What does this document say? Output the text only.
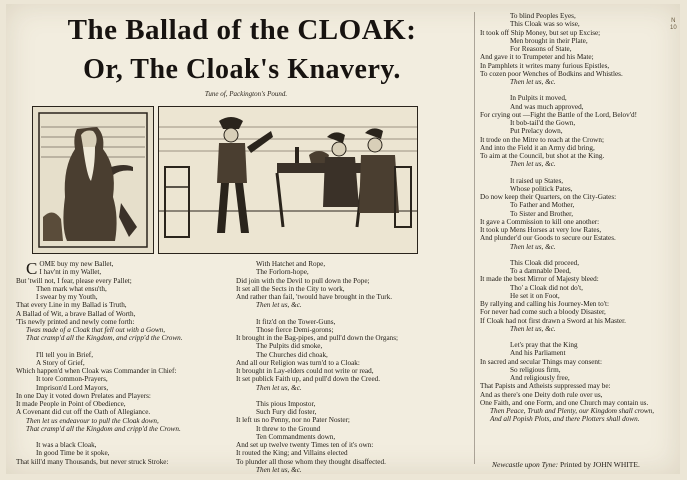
The Ballad of the CLOAK:
Or, The Cloak's Knavery.
Tune of, Packington's Pound.
COME buy my new Ballet,
I hav'nt in my Wallet,
But 'twill not, I fear, please every Pallet;
Then mark what ensu'th,
I swear by my Youth,
That every Line in my Ballad is Truth,
A Ballad of Wit, a brave Ballad of Worth,
'Tis newly printed and newly come forth:
Twas made of a Cloak that fell out with a Gown,
That cramp'd all the Kingdom, and cripp'd the Crown.
I'll tell you in Brief,
A Story of Grief,
Which happen'd when Cloak was Commander in Chief:
It tore Common-Prayers,
Imprison'd Lord Mayors,
In one Day it voted down Prelates and Players:
It made People in Point of Obedience,
A Covenant did cut off the Oath of Allegiance.
Then let us endeavour to pull the Cloak down,
That cramp'd all the Kingdom and cripp'd the Crown.
It was a black Cloak,
In good Time be it spoke,
That kill'd many Thousands, but never struck Stroke:
With Hatchet and Rope,
The Forlorn-hope,
Did join with the Devil to pull down the Pope;
It set all the Sects in the City to work,
And rather than fail, 'twould have brought in the Turk.
Then let us, &c.
It fitz'd on the Tower-Guns,
Those fierce Demi-gorons;
It brought in the Bag-pipes, and pull'd down the Organs;
The Pulpits did smoke,
The Churches did choak,
And all our Religion was turn'd to a Cloak:
It brought in Lay-elders could not write or read,
It set publick Faith up, and pull'd down the Creed.
Then let us, &c.
This pious Impostor,
Such Fury did foster,
It left us no Penny, nor no Pater Noster;
It threw to the Ground
Ten Commandments down,
And set up twelve twenty Times ten of it's own:
It routed the King; and Villains elected
To plunder all those whom they thought disaffected.
Then let us, &c.
To blind Peoples Eyes,
This Cloak was so wise,
It took off Ship Money, but set up Excise;
Men brought in their Plate,
For Reasons of State,
And gave it to Trumpeter and his Mate;
In Pamphlets it writes many furious Epistles,
To cozen poor Wenches of Bodkins and Whistles.
Then let us, &c.
In Pulpits it moved,
And was much approved,
For crying out —Fight the Battle of the Lord, Belov'd!
It bob-tail'd the Gown,
Put Prelacy down,
It trode on the Mitre to reach at the Crown;
And into the Field it an Army did bring,
To aim at the Council, but shot at the King.
Then let us, &c.
It raised up States,
Whose politick Pates,
Do now keep their Quarters, on the City-Gates:
To Father and Mother,
To Sister and Brother,
It gave a Commission to kill one another:
It took up Mens Horses at very low Rates,
And plunder'd our Goods to secure our Estates.
Then let us, &c.
This Cloak did proceed,
To a damnable Deed,
It made the best Mirror of Majesty bleed:
Tho' a Cloak did not do't,
He set it on Foot,
By rallying and calling his Journey-Men to't:
For never had come such a bloody Disaster,
If Cloak had not first drawn a Sword at his Master.
Then let us, &c.
Let's pray that the King
And his Parliament
In sacred and secular Things may consent:
So religious firm,
And religiously free,
That Papists and Atheists suppressed may be:
And as there's one Deity doth rule over us,
One Faith, and one Form, and one Church may contain us.
Then Peace, Truth and Plenty, our Kingdom shall crown,
And all Popish Plots, and there Plotters shall down.
Newcastle upon Tyne: Printed by JOHN WHITE.
N
10
